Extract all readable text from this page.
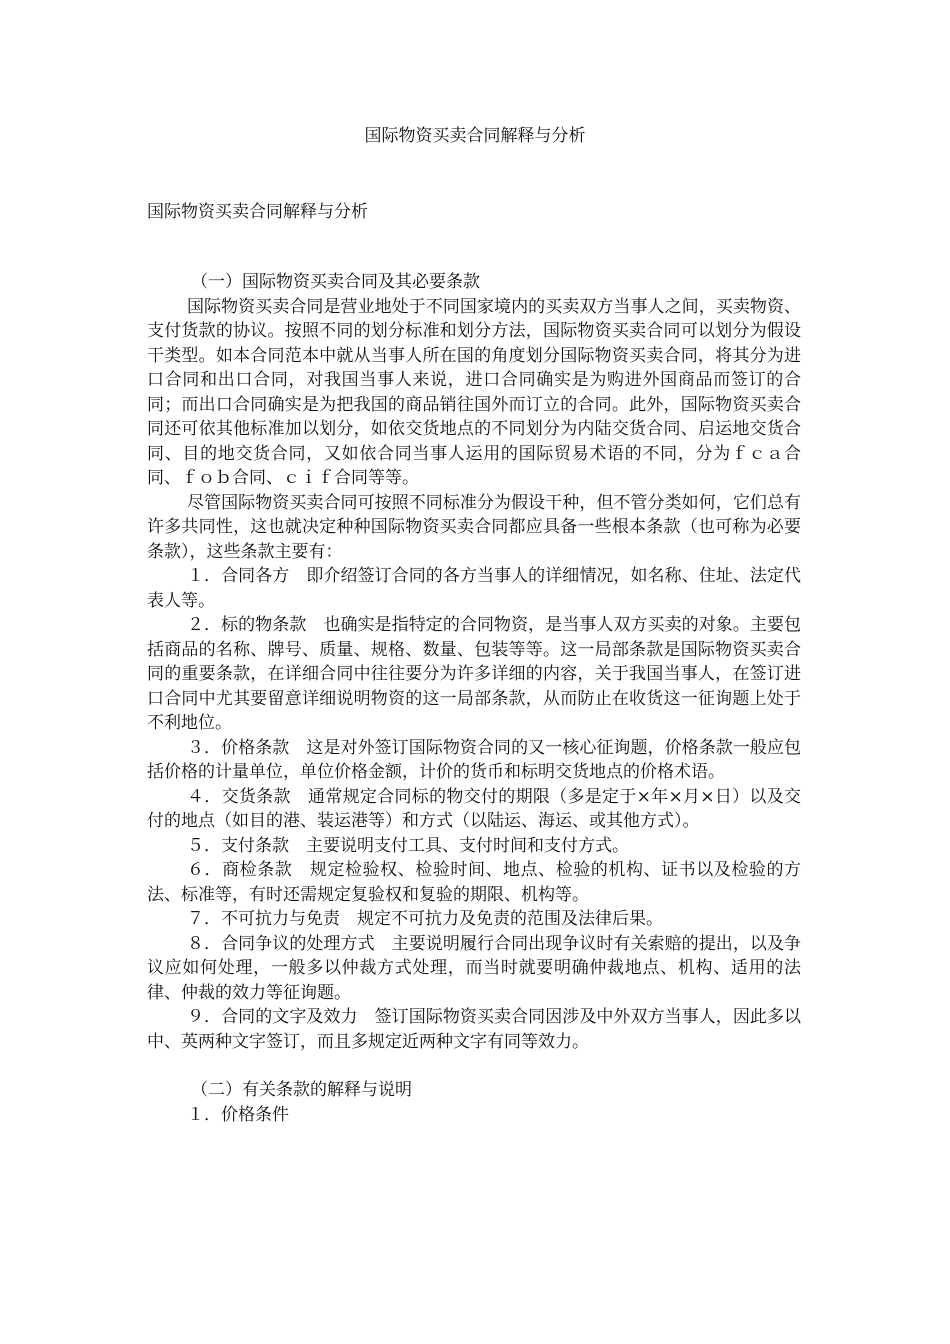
国际物资买卖合同解释与分析
国际物资买卖合同解释与分析

（一）国际物资买卖合同及其必要条款

国际物资买卖合同是营业地处于不同国家境内的买卖双方当事人之间，买卖物资、支付货款的协议。按照不同的划分标准和划分方法，国际物资买卖合同可以划分为假设干类型。如本合同范本中就从当事人所在国的角度划分国际物资买卖合同，将其分为进口合同和出口合同，对我国当事人来说，进口合同确实是为购进外国商品而签订的合同；而出口合同确实是为把我国的商品销往国外而订立的合同。此外，国际物资买卖合同还可依其他标准加以划分，如依交货地点的不同划分为内陆交货合同、启运地交货合同、目的地交货合同，又如依合同当事人运用的国际贸易术语的不同，分为ｆｃａ合同、ｆｏｂ合同、ｃｉｆ合同等等。

尽管国际物资买卖合同可按照不同标准分为假设干种，但不管分类如何，它们总有许多共同性，这也就决定种种国际物资买卖合同都应具备一些根本条款（也可称为必要条款），这些条款主要有：

１．合同各方　即介绍签订合同的各方当事人的详细情况，如名称、住址、法定代表人等。

２．标的物条款　也确实是指特定的合同物资，是当事人双方买卖的对象。主要包括商品的名称、牌号、质量、规格、数量、包装等等。这一局部条款是国际物资买卖合同的重要条款，在详细合同中往往要分为许多详细的内容，关于我国当事人，在签订进口合同中尤其要留意详细说明物资的这一局部条款，从而防止在收货这一征询题上处于不利地位。

３．价格条款　这是对外签订国际物资合同的又一核心征询题，价格条款一般应包括价格的计量单位，单位价格金额，计价的货币和标明交货地点的价格术语。

４．交货条款　通常规定合同标的物交付的期限（多是定于×年×月×日）以及交付的地点（如目的港、装运港等）和方式（以陆运、海运、或其他方式）。

５．支付条款　主要说明支付工具、支付时间和支付方式。

６．商检条款　规定检验权、检验时间、地点、检验的机构、证书以及检验的方法、标准等，有时还需规定复验权和复验的期限、机构等。

７．不可抗力与免责　规定不可抗力及免责的范围及法律后果。

８．合同争议的处理方式　主要说明履行合同出现争议时有关索赔的提出，以及争议应如何处理，一般多以仲裁方式处理，而当时就要明确仲裁地点、机构、适用的法律、仲裁的效力等征询题。

９．合同的文字及效力　签订国际物资买卖合同因涉及中外双方当事人，因此多以中、英两种文字签订，而且多规定近两种文字有同等效力。

（二）有关条款的解释与说明

１．价格条件
